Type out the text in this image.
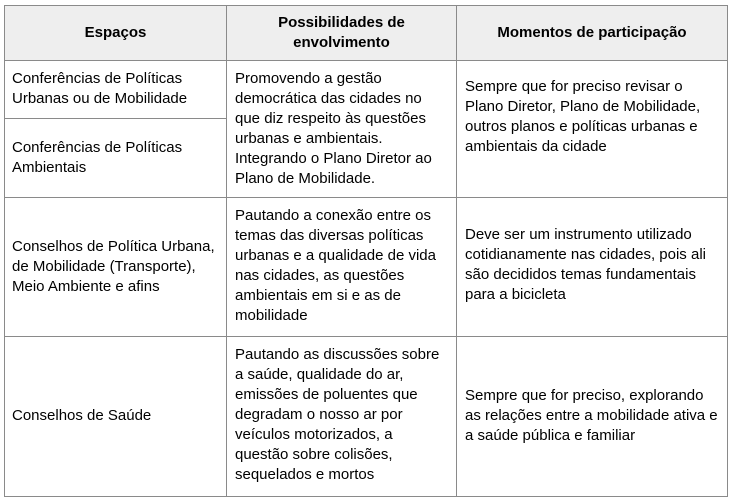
Espaços	Possibilidades de envolvimento	Momentos de participação
Conferências de Políticas Urbanas ou de Mobilidade	Promovendo a gestão democrática das cidades no que diz respeito às questões urbanas e ambientais. Integrando o Plano Diretor ao Plano de Mobilidade.	Sempre que for preciso revisar o Plano Diretor, Plano de Mobilidade, outros planos e políticas urbanas e ambientais da cidade
Conferências de Políticas Ambientais		
Conselhos de Política Urbana, de Mobilidade (Transporte), Meio Ambiente e afins	Pautando a conexão entre os temas das diversas políticas urbanas e a qualidade de vida nas cidades, as questões ambientais em si e as de mobilidade	Deve ser um instrumento utilizado cotidianamente nas cidades, pois ali são decididos temas fundamentais para a bicicleta
Conselhos de Saúde	Pautando as discussões sobre a saúde, qualidade do ar, emissões de poluentes que degradam o nosso ar por veículos motorizados, a questão sobre colisões, sequelados e mortos	Sempre que for preciso, explorando as relações entre a mobilidade ativa e a saúde pública e familiar
